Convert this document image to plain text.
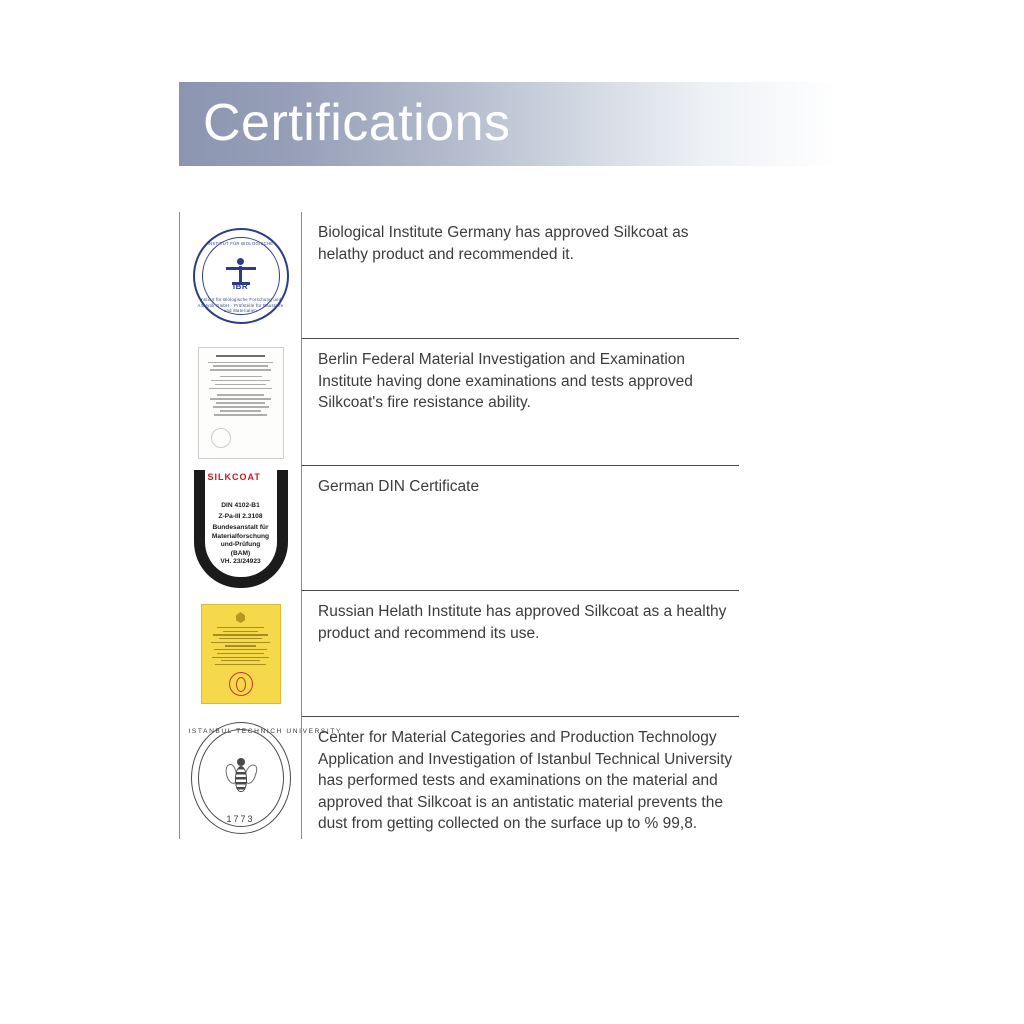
Certifications
INSTITUT FÜR BIOLOGISCHE
IBR
Institut für Biologische Forschung und Analytik GmbH · Prüfstelle für Baustoffe und Materialien
Biological Institute Germany has approved Silkcoat as helathy product and recommended it.
Berlin Federal Material Investigation and Examination Institute having done examinations and tests approved Silkcoat's fire resistance ability.
SILKCOAT
DIN 4102-B1

Z-Pa-III 2.3108

Bundesanstalt für
Materialforschung
und-Prüfung
(BAM)
VH. 23/24923
German DIN Certificate
Russian Helath Institute has approved Silkcoat as a healthy product and recommend its use.
ISTANBUL TECHNICH UNIVERSITY
1773
Center for Material Categories and Production Technology Application and Investigation of Istanbul Technical University has performed tests and examinations on the material and approved that Silkcoat is an antistatic material prevents the dust from getting collected on the surface up to % 99,8.
